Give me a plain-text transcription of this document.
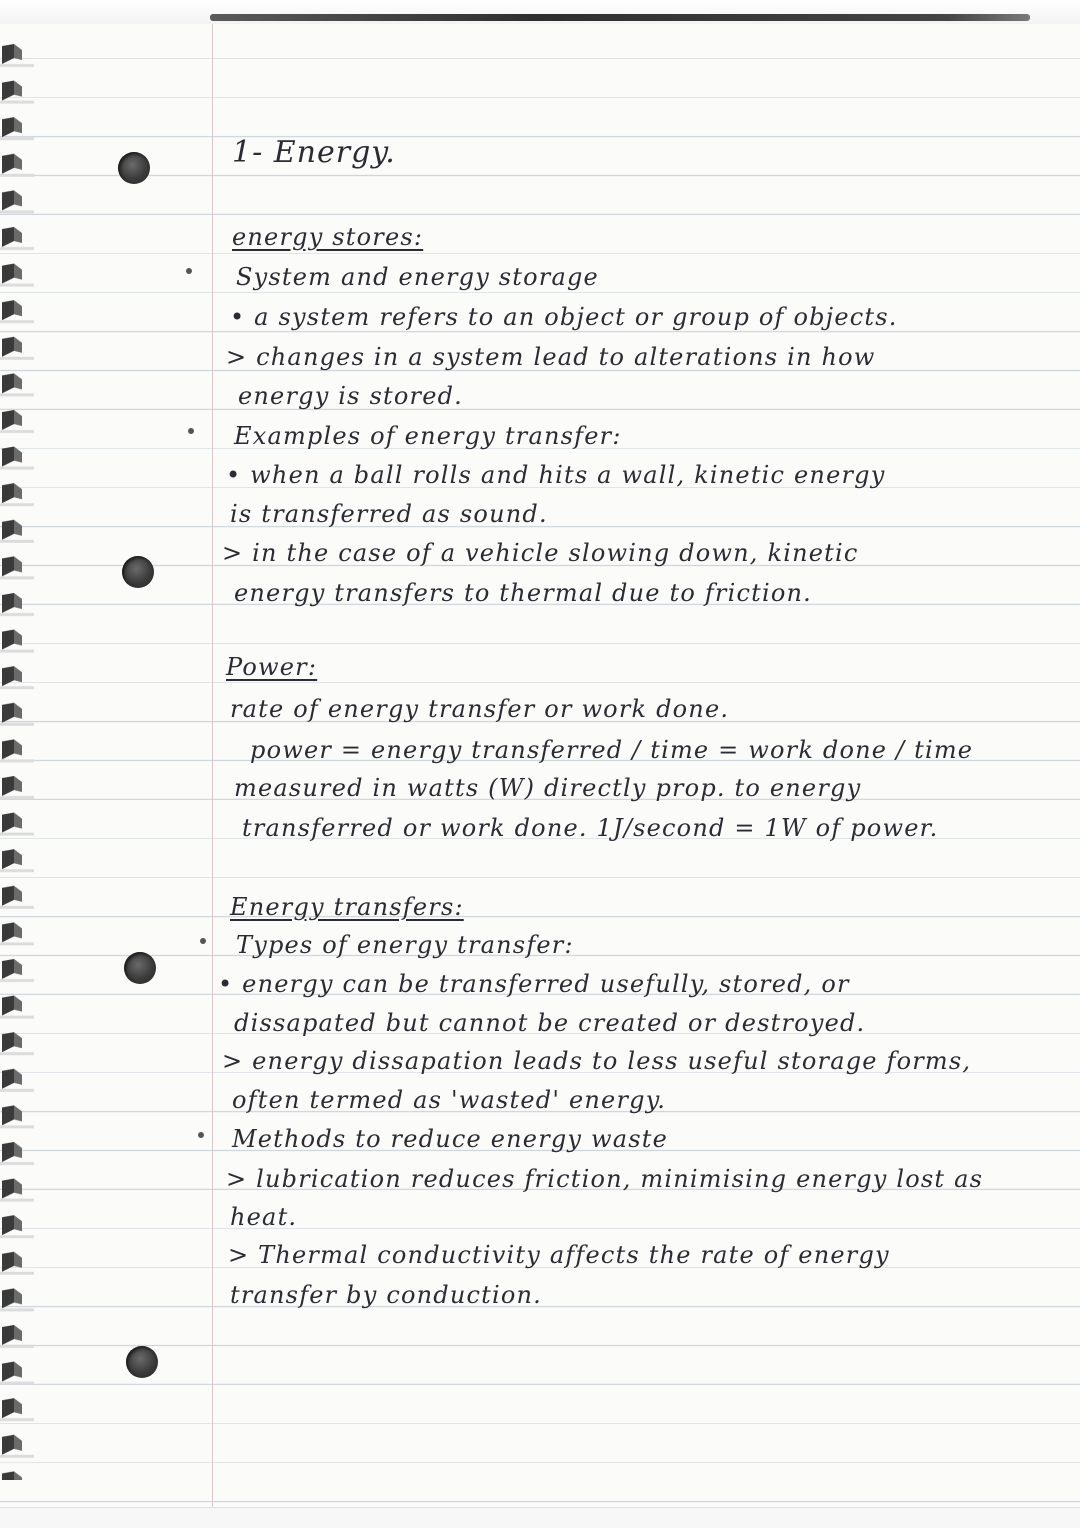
1- Energy.
energy stores:
System and energy storage
• a system refers to an object or group of objects.
> changes in a system lead to alterations in how
energy is stored.
Examples of energy transfer:
• when a ball rolls and hits a wall, kinetic energy
is transferred as sound.
> in the case of a vehicle slowing down, kinetic
energy transfers to thermal due to friction.
Power:
rate of energy transfer or work done.
power = energy transferred / time = work done / time
measured in watts (W) directly prop. to energy
transferred or work done. 1J/second = 1W of power.
Energy transfers:
Types of energy transfer:
• energy can be transferred usefully, stored, or
dissapated but cannot be created or destroyed.
> energy dissapation leads to less useful storage forms,
often termed as 'wasted' energy.
Methods to reduce energy waste
> lubrication reduces friction, minimising energy lost as
heat.
> Thermal conductivity affects the rate of energy
transfer by conduction.
